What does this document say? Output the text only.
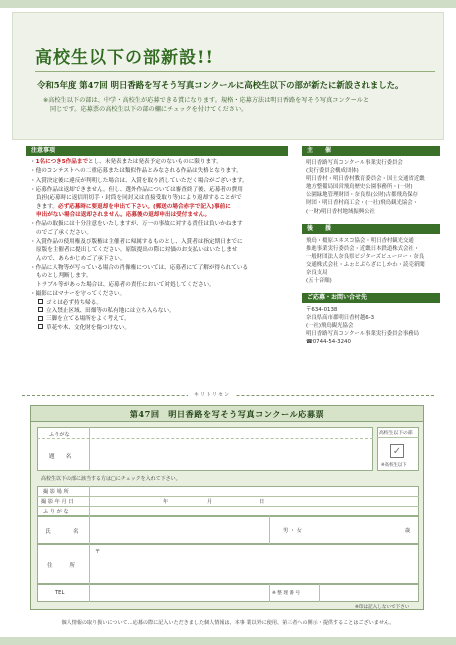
高校生以下の部新設!!
令和5年度 第47回 明日香路を写そう写真コンクールに高校生以下の部が新たに新設されました。
※高校生以下の部は、中学・高校生が応募できる賞になります。規格・応募方法は明日香路を写そう写真コンクールと
同じです。応募票の高校生以下の部の欄にチェックを付けてください。
注意事項
・1名につき5作品までとし、未発表または発表予定のないものに限ります。
・他のコンテストへの二重応募または類似作品とみなされる作品は失格となります。
・入賞決定後に違反が判明した場合は、入賞を取り消していただく場合がございます。
・応募作品は返却できません。但し、選外作品については審査終了後、応募者の費用
負担(応募時に返信用切手・封筒を同封又は直接受取り等)により返却することがで
きます。必ず応募時に要返却を申出て下さい。(郵送の場合赤字で記入)事前に
申出がない場合は返却されません。応募後の返却申出は受付ません。
・作品の取扱には十分注意をいたしますが、万一の事故に対する責任は負いかねます
のでご了承ください。
・入賞作品の使用権及び版権は主催者に帰属するものとし、入賞者は指定期日までに
原版を主催者に提出してください。原版提出の際に対価のお支払いはいたしませ
んので、あらかじめご了承下さい。
・作品に人物等が写っている場合の肖像権については、応募者にて了解が得られている
ものとし判断します。
トラブル等があった場合は、応募者の責任において対処してください。
・撮影にはマナーを守ってください。
ゴミは必ず持ち帰る。
立入禁止区域、田畑等の私有地には立ち入らない。
三脚を立てる場所をよく考えて。
草花や木、文化財を傷つけない。
主　　催
明日香路写真コンクール事業実行委員会
(実行委員会構成団体)
明日香村・明日香村教育委員会・国土交通省近畿
地方整備局国営飛鳥歴史公園事務所・(一財)
公園緑地管理財団・奈良県(公財)古都飛鳥保存
財団・明日香村商工会・(一社)飛鳥観光協会・
(一財)明日香村地域振興公社
後　　援
飛鳥・橿原ユネスコ協会・明日香村観光交通
推進事業実行委員会・近畿日本鉄道株式会社・
一般財団法人奈良県ビジターズビューロー・奈良
交通株式会社・ふぉとぷらざにしかわ・読売新聞
奈良支局
(五十音順)
ご応募・お問い合せ先
〒634-0138
奈良県高市郡明日香村越6-3
(一社)飛鳥観光協会
明日香路写真コンクール事業実行委員会事務局
☎0744-54-3240
キリトリセン
第47回　明日香路を写そう写真コンクール応募票
ふりがな
題　　名
高校生以下の部
✓
※高校生以下
高校生以下の部に該当する方は□にチェックを入れて下さい。
撮 影 場 所
撮 影 年 月 日	年	月	日
ふ り が な
氏　　　　名	男 ・ 女	歳
住　　　所
〒
TEL	※ 整 理 番 号
※印は記入しないで下さい
個人情報の取り扱いについて…応募の際に記入いただきました個人情報は、本事 業以外に使用、第三者への開示・提供することはございません。
